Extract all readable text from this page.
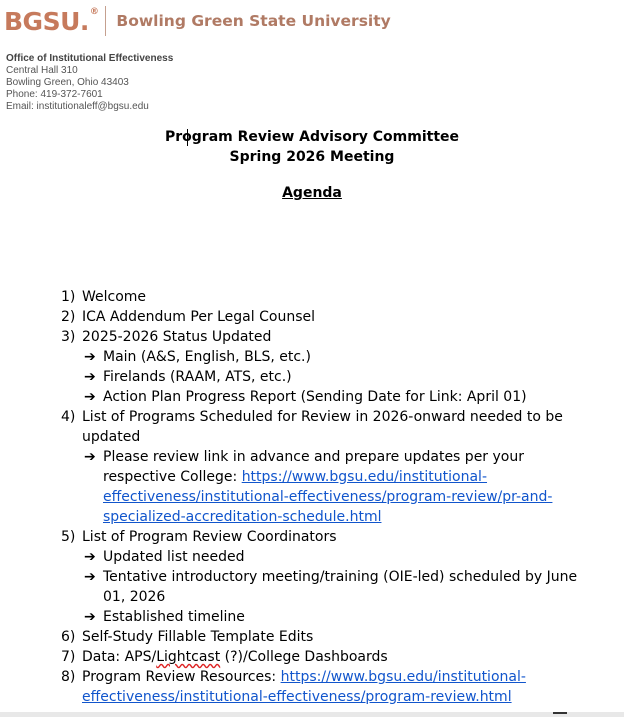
BGSU.®
Bowling Green State University
Office of Institutional Effectiveness
Central Hall 310
Bowling Green, Ohio 43403
Phone: 419-372-7601
Email: institutionaleff@bgsu.edu
Program Review Advisory Committee
Spring 2026 Meeting
Agenda
1) Welcome
2) ICA Addendum Per Legal Counsel
3) 2025-2026 Status Updated
➔ Main (A&S, English, BLS, etc.)
➔ Firelands (RAAM, ATS, etc.)
➔ Action Plan Progress Report (Sending Date for Link: April 01)
4) List of Programs Scheduled for Review in 2026-onward needed to be updated
➔ Please review link in advance and prepare updates per your respective College: https://www.bgsu.edu/institutional-effectiveness/institutional-effectiveness/program-review/pr-and-specialized-accreditation-schedule.html
5) List of Program Review Coordinators
➔ Updated list needed
➔ Tentative introductory meeting/training (OIE-led) scheduled by June 01, 2026
➔ Established timeline
6) Self-Study Fillable Template Edits
7) Data: APS/Lightcast (?)/College Dashboards
8) Program Review Resources: https://www.bgsu.edu/institutional-effectiveness/institutional-effectiveness/program-review.html
